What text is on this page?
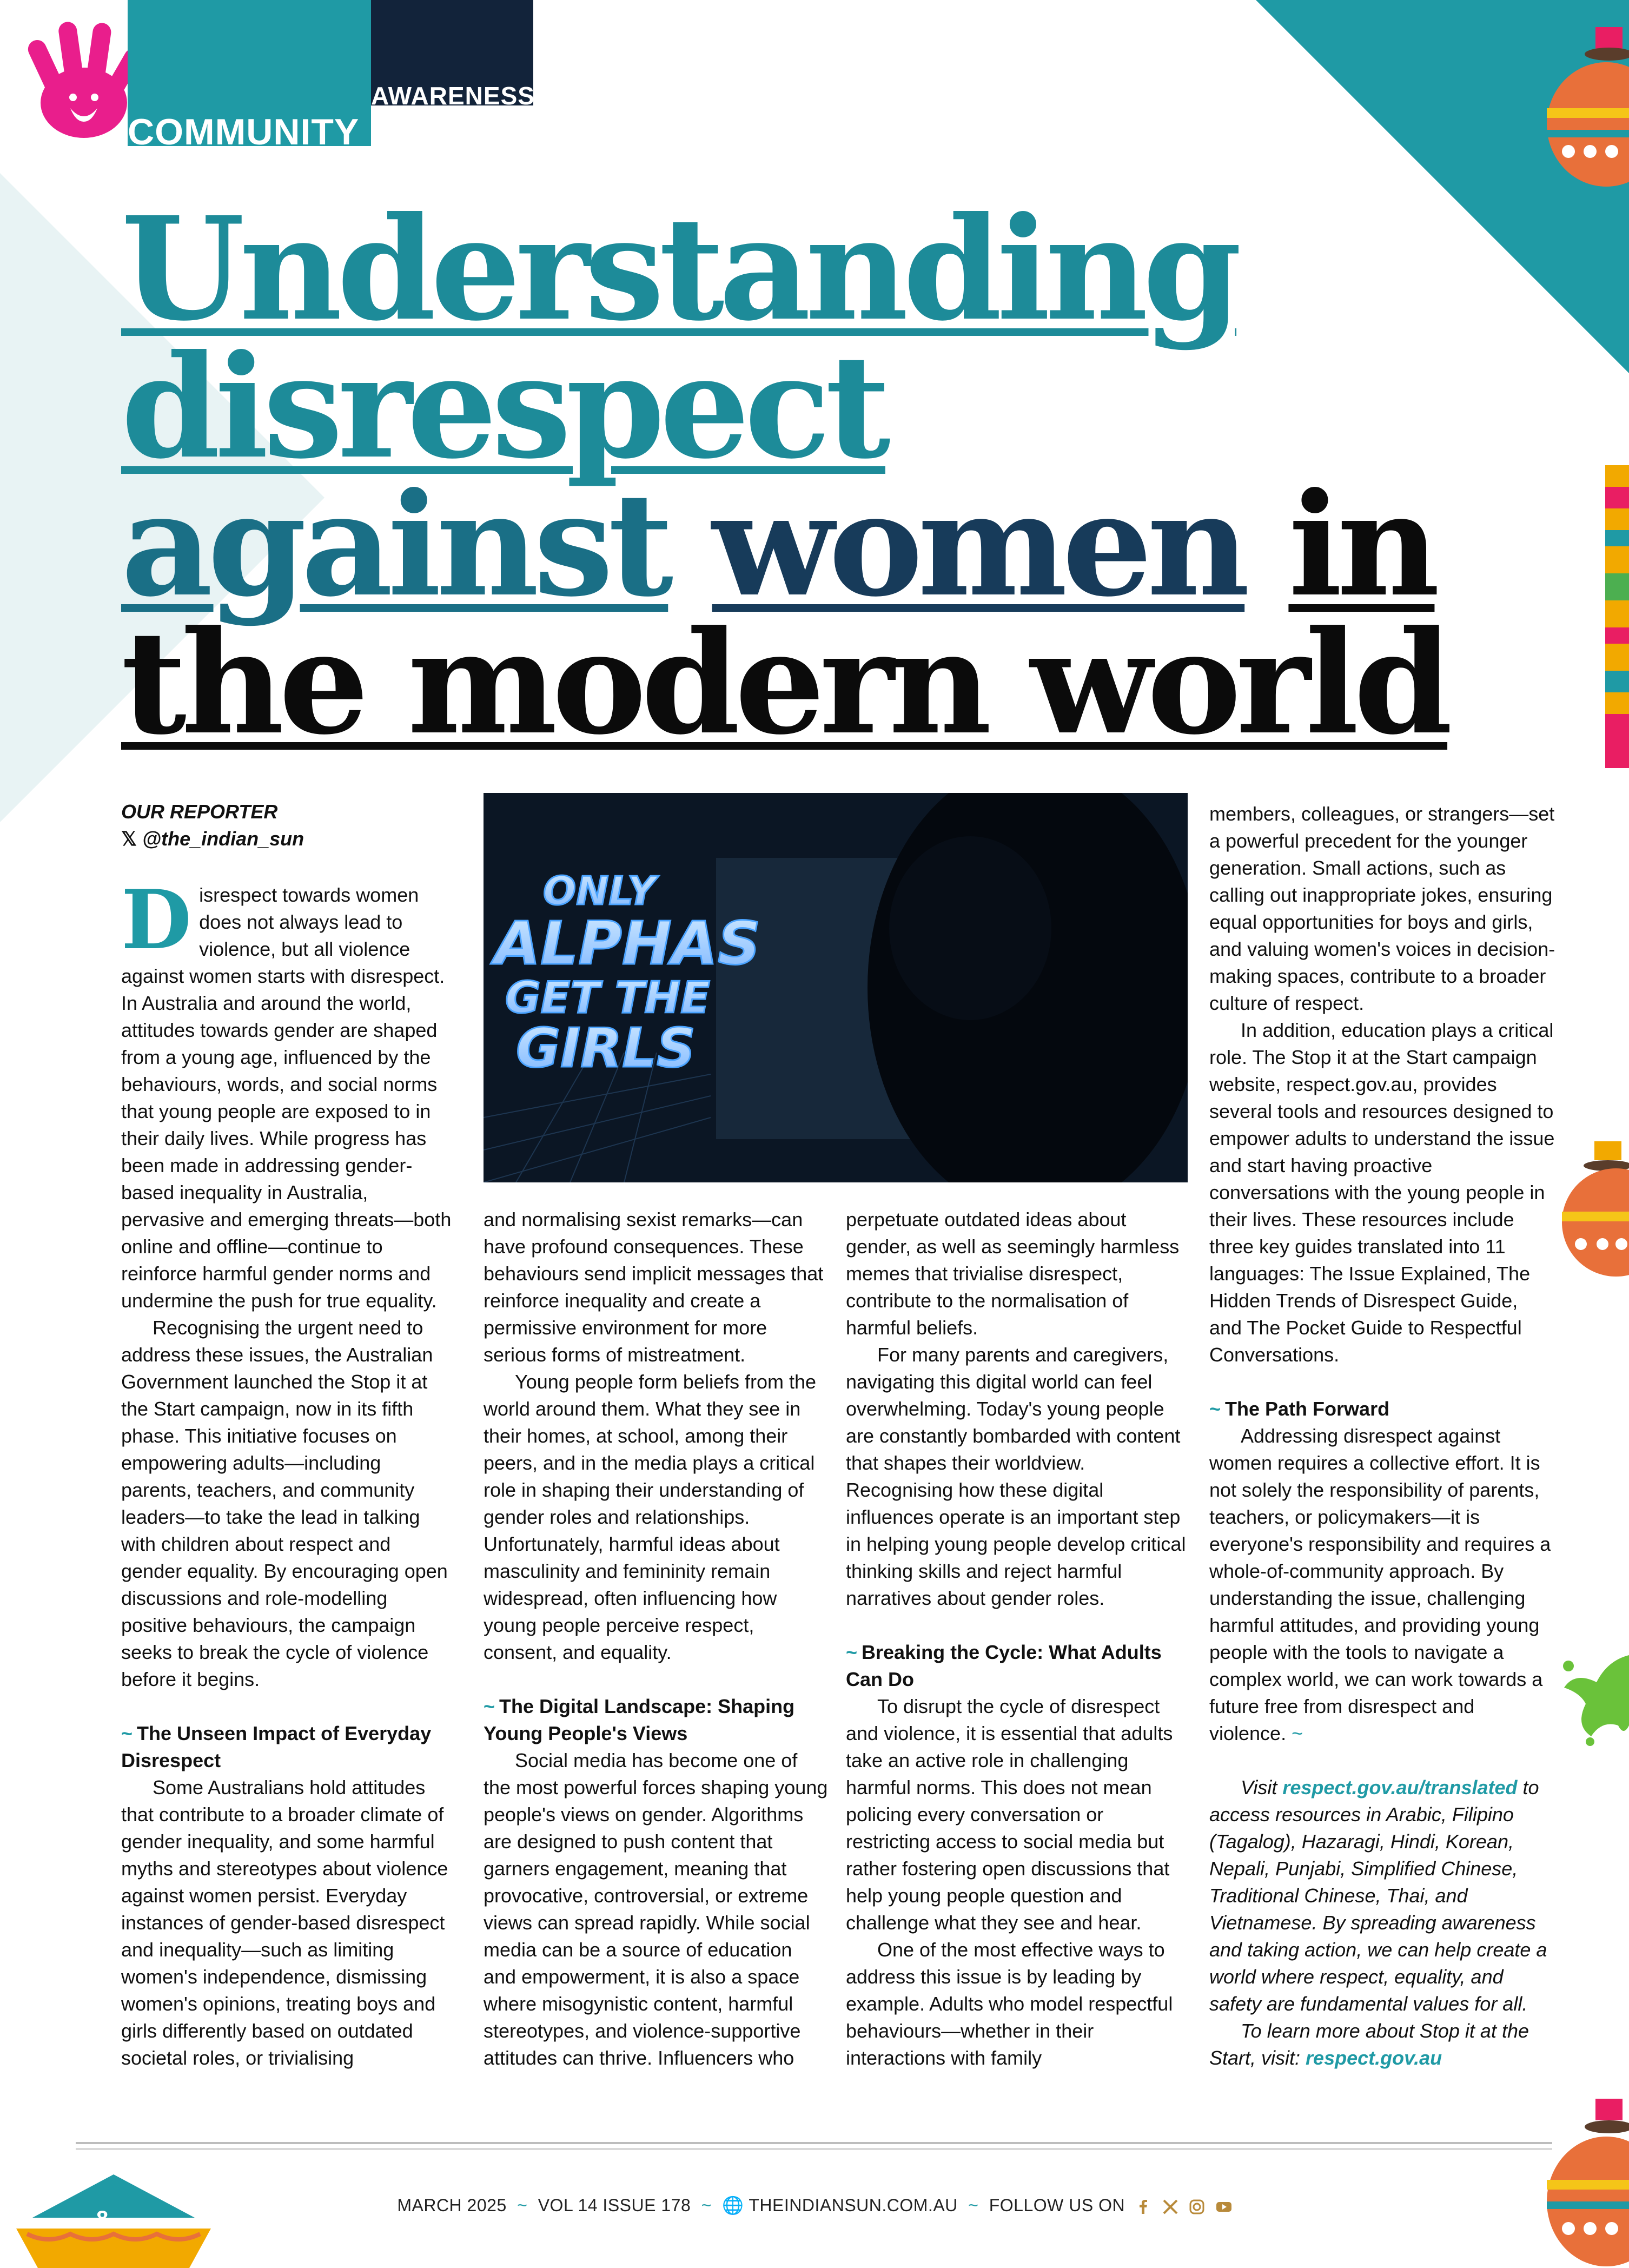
AWARENESS
COMMUNITY
Understanding
disrespect
against women in
the modern world
OUR REPORTER
𝕏 @the_indian_sun

Disrespect towards women does not always lead to violence, but all violence against women starts with disrespect. In Australia and around the world, attitudes towards gender are shaped from a young age, influenced by the behaviours, words, and social norms that young people are exposed to in their daily lives. While progress has been made in addressing gender-based inequality in Australia, pervasive and emerging threats—both online and offline—continue to reinforce harmful gender norms and undermine the push for true equality.

Recognising the urgent need to address these issues, the Australian Government launched the Stop it at the Start campaign, now in its fifth phase. This initiative focuses on empowering adults—including parents, teachers, and community leaders—to take the lead in talking with children about respect and gender equality. By encouraging open discussions and role-modelling positive behaviours, the campaign seeks to break the cycle of violence before it begins.

~ The Unseen Impact of Everyday Disrespect

Some Australians hold attitudes that contribute to a broader climate of gender inequality, and some harmful myths and stereotypes about violence against women persist. Everyday instances of gender-based disrespect and inequality—such as limiting women's independence, dismissing women's opinions, treating boys and girls differently based on outdated societal roles, or trivialising

ONLY
ALPHAS
GET THE
GIRLS

and normalising sexist remarks—can have profound consequences. These behaviours send implicit messages that reinforce inequality and create a permissive environment for more serious forms of mistreatment.

Young people form beliefs from the world around them. What they see in their homes, at school, among their peers, and in the media plays a critical role in shaping their understanding of gender roles and relationships. Unfortunately, harmful ideas about masculinity and femininity remain widespread, often influencing how young people perceive respect, consent, and equality.

~ The Digital Landscape: Shaping Young People's Views

Social media has become one of the most powerful forces shaping young people's views on gender. Algorithms are designed to push content that garners engagement, meaning that provocative, controversial, or extreme views can spread rapidly. While social media can be a source of education and empowerment, it is also a space where misogynistic content, harmful stereotypes, and violence-supportive attitudes can thrive. Influencers who

perpetuate outdated ideas about gender, as well as seemingly harmless memes that trivialise disrespect, contribute to the normalisation of harmful beliefs.

For many parents and caregivers, navigating this digital world can feel overwhelming. Today's young people are constantly bombarded with content that shapes their worldview. Recognising how these digital influences operate is an important step in helping young people develop critical thinking skills and reject harmful narratives about gender roles.

~ Breaking the Cycle: What Adults Can Do

To disrupt the cycle of disrespect and violence, it is essential that adults take an active role in challenging harmful norms. This does not mean policing every conversation or restricting access to social media but rather fostering open discussions that help young people question and challenge what they see and hear.

One of the most effective ways to address this issue is by leading by example. Adults who model respectful behaviours—whether in their interactions with family

members, colleagues, or strangers—set a powerful precedent for the younger generation. Small actions, such as calling out inappropriate jokes, ensuring equal opportunities for boys and girls, and valuing women's voices in decision-making spaces, contribute to a broader culture of respect.

In addition, education plays a critical role. The Stop it at the Start campaign website, respect.gov.au, provides several tools and resources designed to empower adults to understand the issue and start having proactive conversations with the young people in their lives. These resources include three key guides translated into 11 languages: The Issue Explained, The Hidden Trends of Disrespect Guide, and The Pocket Guide to Respectful Conversations.

~ The Path Forward

Addressing disrespect against women requires a collective effort. It is not solely the responsibility of parents, teachers, or policymakers—it is everyone's responsibility and requires a whole-of-community approach. By understanding the issue, challenging harmful attitudes, and providing young people with the tools to navigate a complex world, we can work towards a future free from disrespect and violence. ~

Visit respect.gov.au/translated to access resources in Arabic, Filipino (Tagalog), Hazaragi, Hindi, Korean, Nepali, Punjabi, Simplified Chinese, Traditional Chinese, Thai, and Vietnamese. By spreading awareness and taking action, we can help create a world where respect, equality, and safety are fundamental values for all.

To learn more about Stop it at the Start, visit: respect.gov.au

8
MARCH 2025 ~ VOL 14 ISSUE 178 ~ 🌐 THEINDIANSUN.COM.AU ~ FOLLOW US ON
